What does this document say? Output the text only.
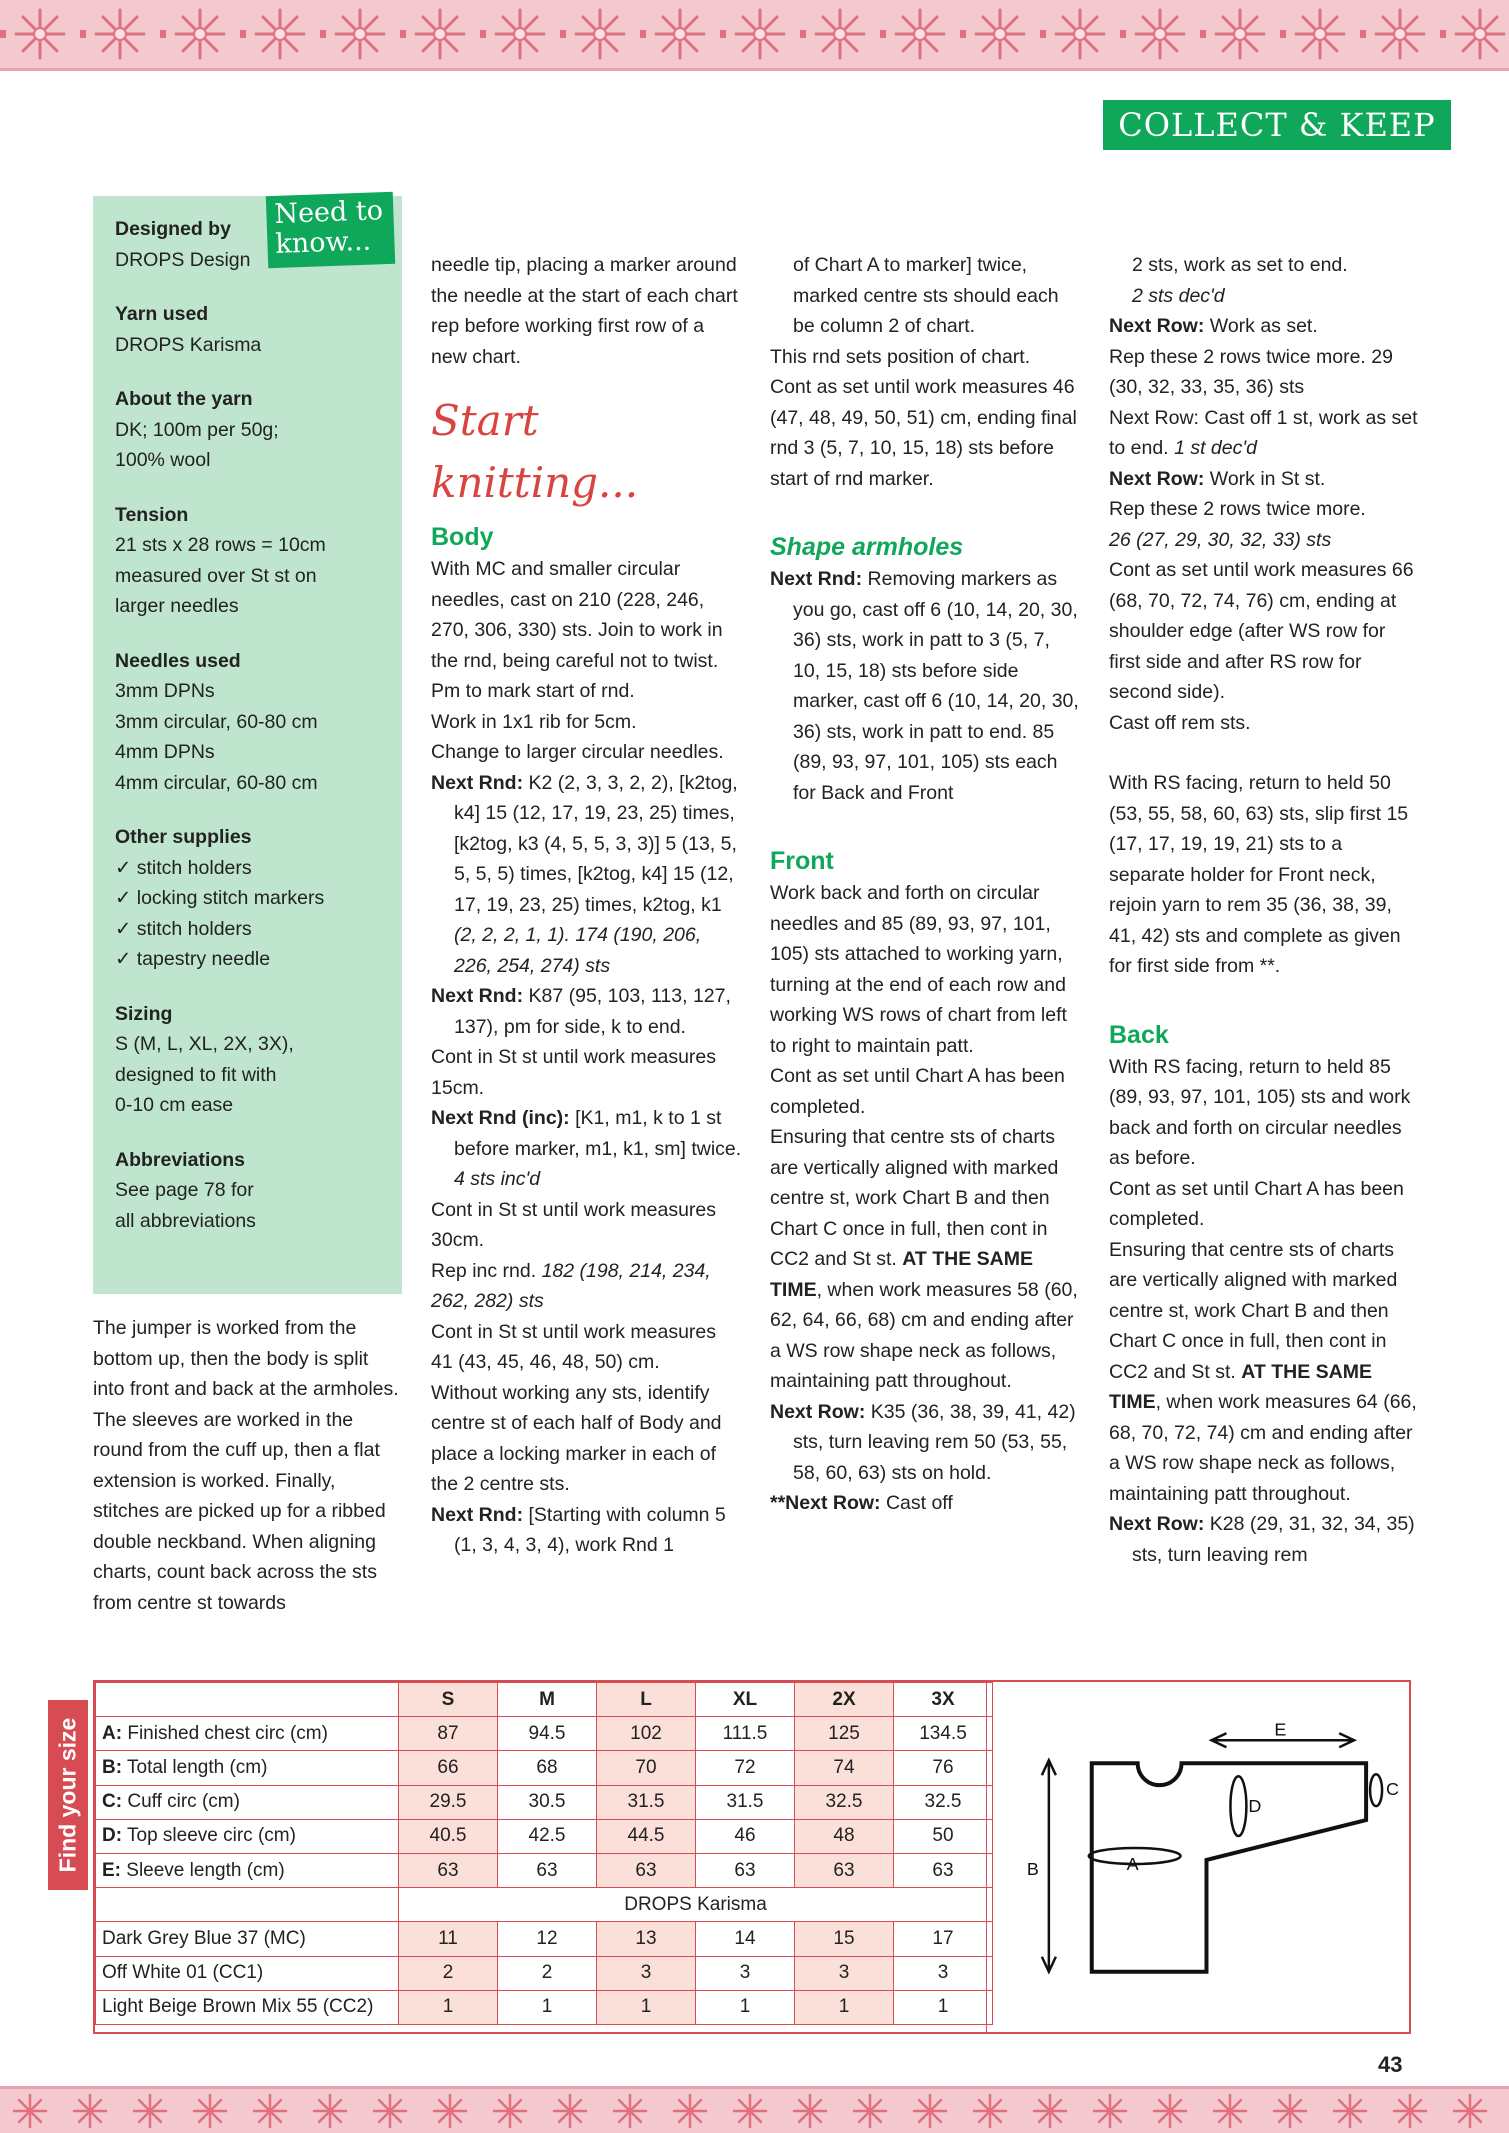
COLLECT & KEEP
Designed by
DROPS Design
Yarn used
DROPS Karisma
About the yarn
DK; 100m per 50g;
100% wool
Tension
21 sts x 28 rows = 10cm
measured over St st on
larger needles
Needles used
3mm DPNs
3mm circular, 60-80 cm
4mm DPNs
4mm circular, 60-80 cm
Other supplies
✓ stitch holders
✓ locking stitch markers
✓ stitch holders
✓ tapestry needle
Sizing
S (M, L, XL, 2X, 3X),
designed to fit with
0-10 cm ease
Abbreviations
See page 78 for
all abbreviations
Need to know...

The jumper is worked from the bottom up, then the body is split into front and back at the armholes. The sleeves are worked in the round from the cuff up, then a flat extension is worked. Finally, stitches are picked up for a ribbed double neckband. When aligning charts, count back across the sts from centre st towards

needle tip, placing a marker around the needle at the start of each chart rep before working first row of a new chart.

Start knitting...
Body

With MC and smaller circular needles, cast on 210 (228, 246, 270, 306, 330) sts. Join to work in the rnd, being careful not to twist. Pm to mark start of rnd.

Work in 1x1 rib for 5cm.

Change to larger circular needles.

Next Rnd: K2 (2, 3, 3, 2, 2), [k2tog, k4] 15 (12, 17, 19, 23, 25) times, [k2tog, k3 (4, 5, 5, 3, 3)] 5 (13, 5, 5, 5, 5) times, [k2tog, k4] 15 (12, 17, 19, 23, 25) times, k2tog, k1 (2, 2, 2, 1, 1). 174 (190, 206, 226, 254, 274) sts

Next Rnd: K87 (95, 103, 113, 127, 137), pm for side, k to end.

Cont in St st until work measures 15cm.

Next Rnd (inc): [K1, m1, k to 1 st before marker, m1, k1, sm] twice. 4 sts inc'd

Cont in St st until work measures 30cm.

Rep inc rnd. 182 (198, 214, 234, 262, 282) sts

Cont in St st until work measures 41 (43, 45, 46, 48, 50) cm.

Without working any sts, identify centre st of each half of Body and place a locking marker in each of the 2 centre sts.

Next Rnd: [Starting with column 5 (1, 3, 4, 3, 4), work Rnd 1

of Chart A to marker] twice, marked centre sts should each be column 2 of chart.

This rnd sets position of chart.

Cont as set until work measures 46 (47, 48, 49, 50, 51) cm, ending final rnd 3 (5, 7, 10, 15, 18) sts before start of rnd marker.

Shape armholes

Next Rnd: Removing markers as you go, cast off 6 (10, 14, 20, 30, 36) sts, work in patt to 3 (5, 7, 10, 15, 18) sts before side marker, cast off 6 (10, 14, 20, 30, 36) sts, work in patt to end. 85 (89, 93, 97, 101, 105) sts each for Back and Front

Front

Work back and forth on circular needles and 85 (89, 93, 97, 101, 105) sts attached to working yarn, turning at the end of each row and working WS rows of chart from left to right to maintain patt.

Cont as set until Chart A has been completed.

Ensuring that centre sts of charts are vertically aligned with marked centre st, work Chart B and then Chart C once in full, then cont in CC2 and St st. AT THE SAME TIME, when work measures 58 (60, 62, 64, 66, 68) cm and ending after a WS row shape neck as follows, maintaining patt throughout.

Next Row: K35 (36, 38, 39, 41, 42) sts, turn leaving rem 50 (53, 55, 58, 60, 63) sts on hold.

**Next Row: Cast off

2 sts, work as set to end.

2 sts dec'd

Next Row: Work as set.

Rep these 2 rows twice more. 29 (30, 32, 33, 35, 36) sts

Next Row: Cast off 1 st, work as set to end. 1 st dec'd

Next Row: Work in St st.

Rep these 2 rows twice more.

26 (27, 29, 30, 32, 33) sts

Cont as set until work measures 66 (68, 70, 72, 74, 76) cm, ending at shoulder edge (after WS row for first side and after RS row for second side).

Cast off rem sts.

With RS facing, return to held 50 (53, 55, 58, 60, 63) sts, slip first 15 (17, 17, 19, 19, 21) sts to a separate holder for Front neck, rejoin yarn to rem 35 (36, 38, 39, 41, 42) sts and complete as given for first side from **.

Back

With RS facing, return to held 85 (89, 93, 97, 101, 105) sts and work back and forth on circular needles as before.

Cont as set until Chart A has been completed.

Ensuring that centre sts of charts are vertically aligned with marked centre st, work Chart B and then Chart C once in full, then cont in CC2 and St st. AT THE SAME TIME, when work measures 64 (66, 68, 70, 72, 74) cm and ending after a WS row shape neck as follows, maintaining patt throughout.

Next Row: K28 (29, 31, 32, 34, 35) sts, turn leaving rem

Find your size
	S	M	L	XL	2X	3X
A: Finished chest circ (cm)	87	94.5	102	111.5	125	134.5
B: Total length (cm)	66	68	70	72	74	76
C: Cuff circ (cm)	29.5	30.5	31.5	31.5	32.5	32.5
D: Top sleeve circ (cm)	40.5	42.5	44.5	46	48	50
E: Sleeve length (cm)	63	63	63	63	63	63
	DROPS Karisma					
Dark Grey Blue 37 (MC)	11	12	13	14	15	17
Off White 01 (CC1)	2	2	3	3	3	3
Light Beige Brown Mix 55 (CC2)	1	1	1	1	1	1
A
B
C
D
E
43
